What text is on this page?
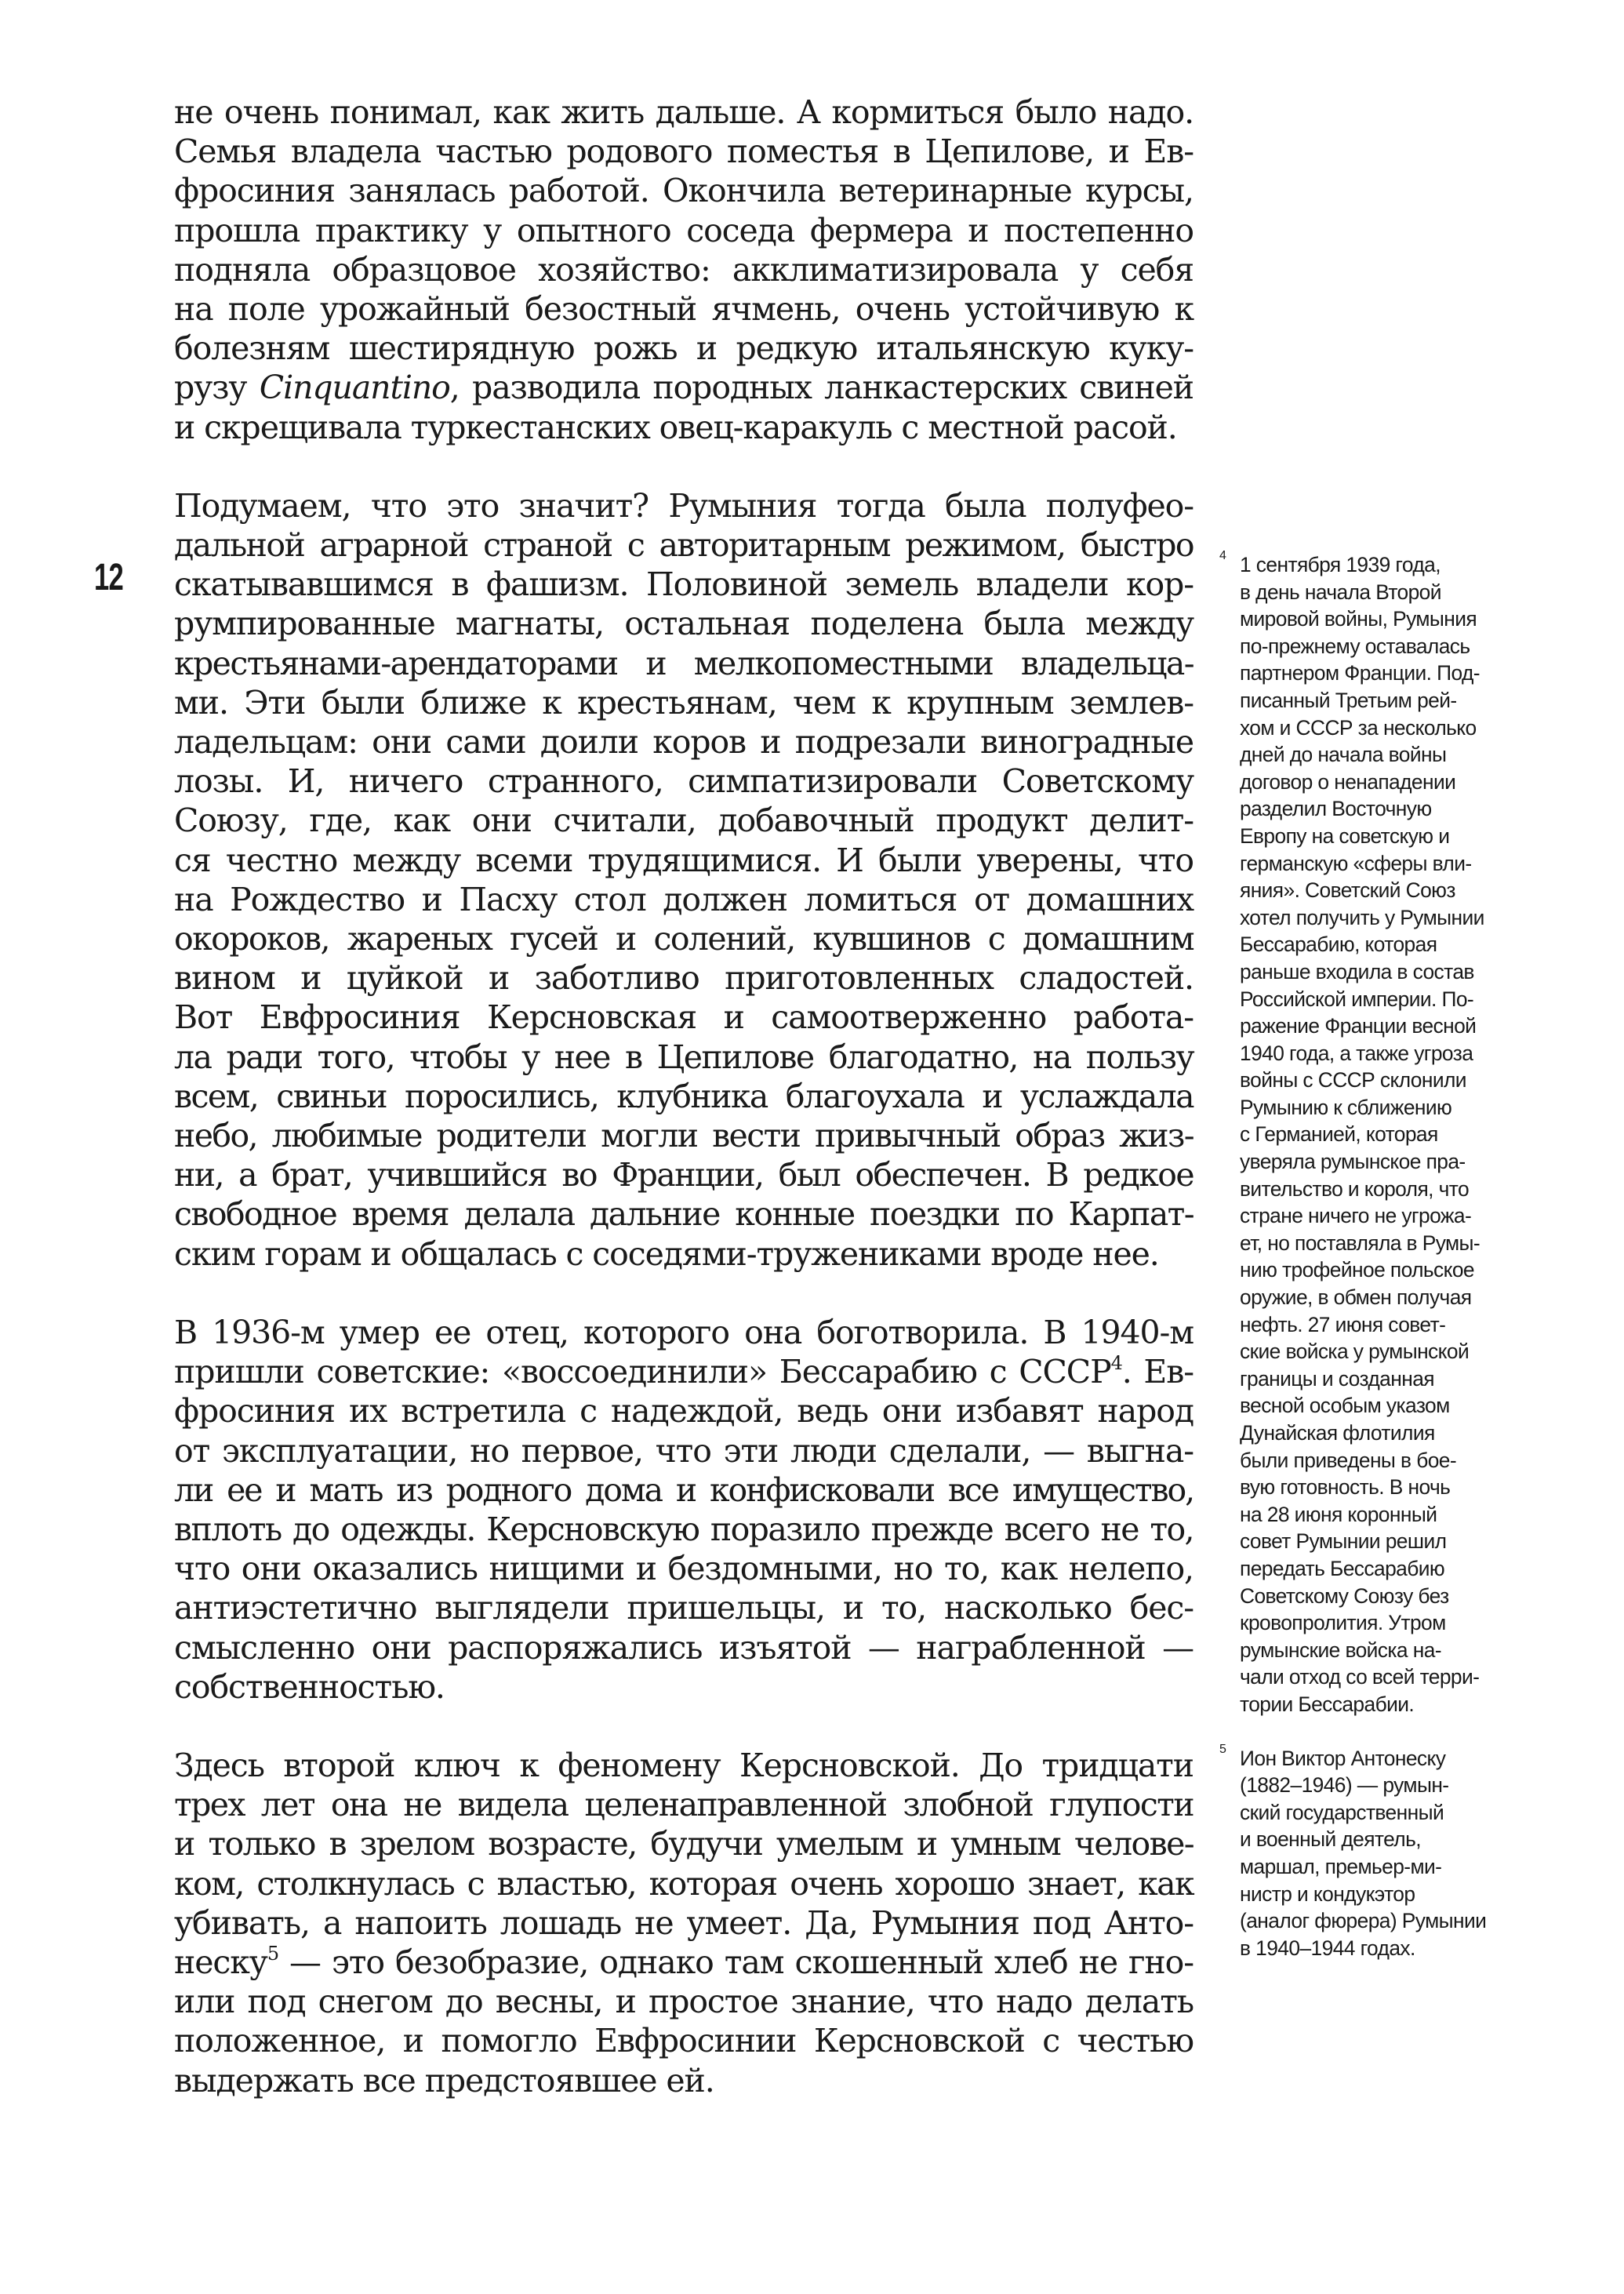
12
не очень понимал, как жить дальше. А кормиться было надо.
Семья владела частью родового поместья в Цепилове, и Ев-
фросиния занялась работой. Окончила ветеринарные курсы,
прошла практику у опытного соседа фермера и постепенно
подняла образцовое хозяйство: акклиматизировала у себя
на поле урожайный безостный ячмень, очень устойчивую к
болезням шестирядную рожь и редкую итальянскую куку-
рузу Cinquantino, разводила породных ланкастерских свиней
и скрещивала туркестанских овец-каракуль с местной расой.
Подумаем, что это значит? Румыния тогда была полуфео-
дальной аграрной страной с авторитарным режимом, быстро
скатывавшимся в фашизм. Половиной земель владели кор-
румпированные магнаты, остальная поделена была между
крестьянами-арендаторами и мелкопоместными владельца-
ми. Эти были ближе к крестьянам, чем к крупным землев-
ладельцам: они сами доили коров и подрезали виноградные
лозы. И, ничего странного, симпатизировали Советскому
Союзу, где, как они считали, добавочный продукт делит-
ся честно между всеми трудящимися. И были уверены, что
на Рождество и Пасху стол должен ломиться от домашних
окороков, жареных гусей и солений, кувшинов с домашним
вином и цуйкой и заботливо приготовленных сладостей.
Вот Евфросиния Керсновская и самоотверженно работа-
ла ради того, чтобы у нее в Цепилове благодатно, на пользу
всем, свиньи поросились, клубника благоухала и услаждала
небо, любимые родители могли вести привычный образ жиз-
ни, а брат, учившийся во Франции, был обеспечен. В редкое
свободное время делала дальние конные поездки по Карпат-
ским горам и общалась с соседями-тружениками вроде нее.
В 1936-м умер ее отец, которого она боготворила. В 1940-м
пришли советские: «воссоединили» Бессарабию с СССР$^4$. Ев-
фросиния их встретила с надеждой, ведь они избавят народ
от эксплуатации, но первое, что эти люди сделали, — выгна-
ли ее и мать из родного дома и конфисковали все имущество,
вплоть до одежды. Керсновскую поразило прежде всего не то,
что они оказались нищими и бездомными, но то, как нелепо,
антиэстетично выглядели пришельцы, и то, насколько бес-
смысленно они распоряжались изъятой — награбленной —
собственностью.
Здесь второй ключ к феномену Керсновской. До тридцати
трех лет она не видела целенаправленной злобной глупости
и только в зрелом возрасте, будучи умелым и умным челове-
ком, столкнулась с властью, которая очень хорошо знает, как
убивать, а напоить лошадь не умеет. Да, Румыния под Анто-
неску$^5$ — это безобразие, однако там скошенный хлеб не гно-
или под снегом до весны, и простое знание, что надо делать
положенное, и помогло Евфросинии Керсновской с честью
выдержать все предстоявшее ей.
4 1 сентября 1939 года,
в день начала Второй
мировой войны, Румыния
по-прежнему оставалась
партнером Франции. Под-
писанный Третьим рей-
хом и СССР за несколько
дней до начала войны
договор о ненападении
разделил Восточную
Европу на советскую и
германскую «сферы вли-
яния». Советский Союз
хотел получить у Румынии
Бессарабию, которая
раньше входила в состав
Российской империи. По-
ражение Франции весной
1940 года, а также угроза
войны с СССР склонили
Румынию к сближению
с Германией, которая
уверяла румынское пра-
вительство и короля, что
стране ничего не угрожа-
ет, но поставляла в Румы-
нию трофейное польское
оружие, в обмен получая
нефть. 27 июня совет-
ские войска у румынской
границы и созданная
весной особым указом
Дунайская флотилия
были приведены в бое-
вую готовность. В ночь
на 28 июня коронный
совет Румынии решил
передать Бессарабию
Советскому Союзу без
кровопролития. Утром
румынские войска на-
чали отход со всей терри-
тории Бессарабии.
5 Ион Виктор Антонеску
(1882–1946) — румын-
ский государственный
и военный деятель,
маршал, премьер-ми-
нистр и кондукэтор
(аналог фюрера) Румынии
в 1940–1944 годах.
